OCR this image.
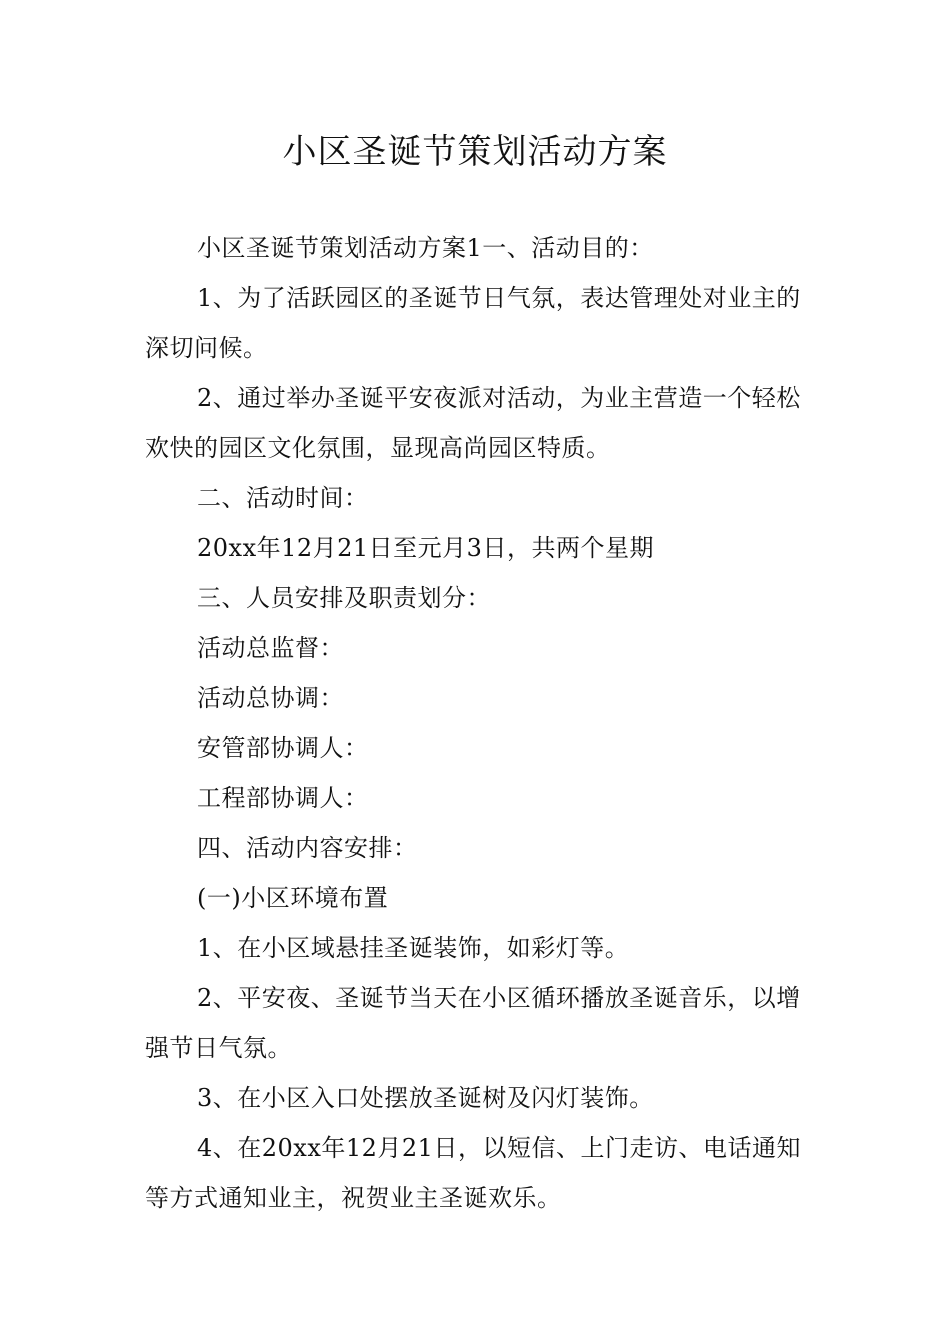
小区圣诞节策划活动方案

小区圣诞节策划活动方案1一、活动目的：

1、为了活跃园区的圣诞节日气氛，表达管理处对业主的深切问候。

2、通过举办圣诞平安夜派对活动，为业主营造一个轻松欢快的园区文化氛围，显现高尚园区特质。

二、活动时间：

20xx年12月21日至元月3日，共两个星期

三、人员安排及职责划分：

活动总监督：

活动总协调：

安管部协调人：

工程部协调人：

四、活动内容安排：

(一)小区环境布置

1、在小区域悬挂圣诞装饰，如彩灯等。

2、平安夜、圣诞节当天在小区循环播放圣诞音乐，以增强节日气氛。

3、在小区入口处摆放圣诞树及闪灯装饰。

4、在20xx年12月21日，以短信、上门走访、电话通知等方式通知业主，祝贺业主圣诞欢乐。
